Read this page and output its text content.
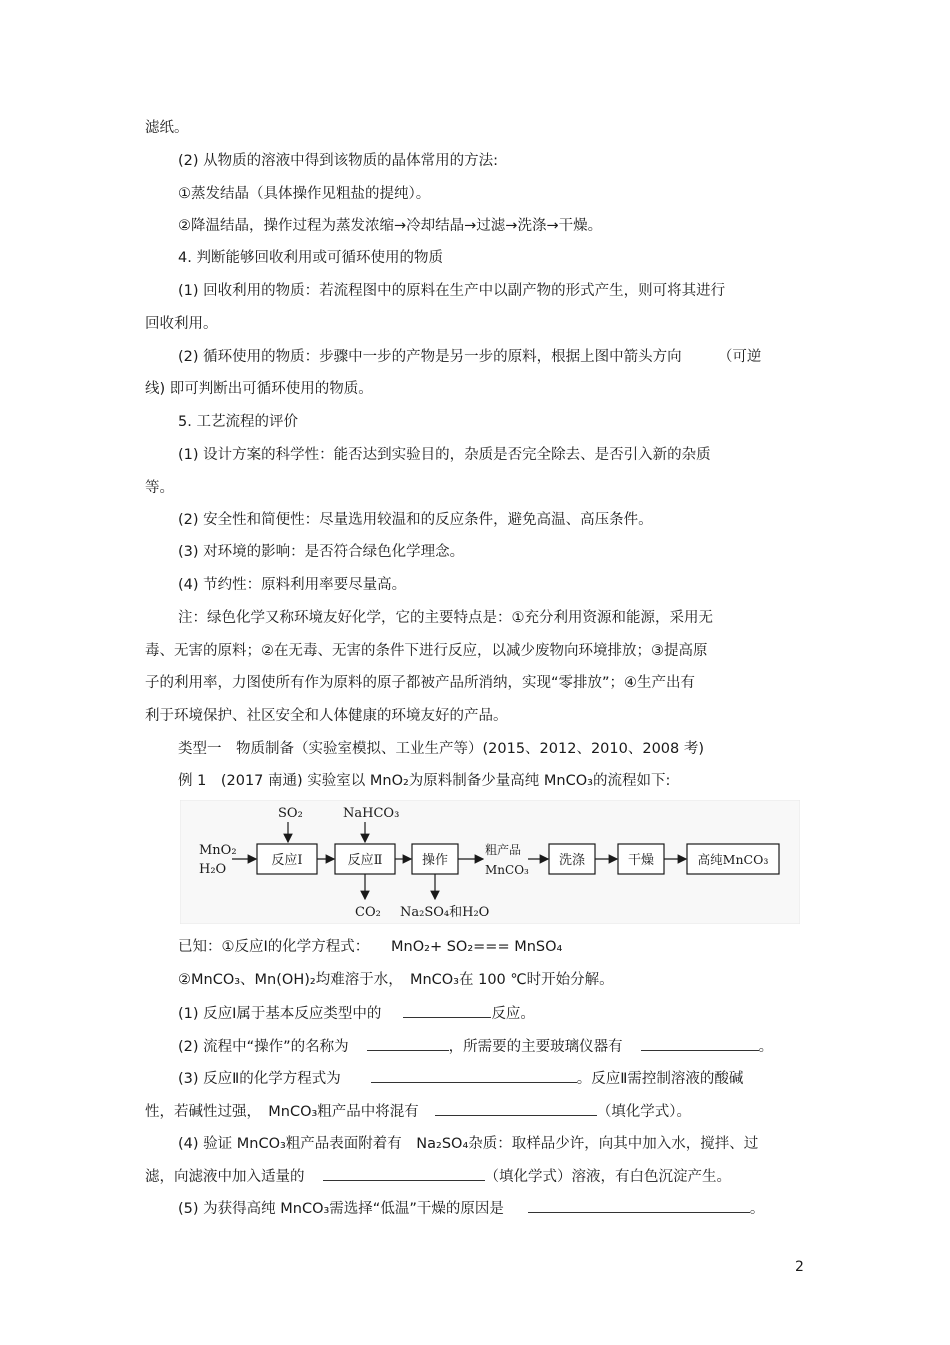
滤纸。
(2) 从物质的溶液中得到该物质的晶体常用的方法:
①蒸发结晶（具体操作见粗盐的提纯）。
②降温结晶，操作过程为蒸发浓缩→冷却结晶→过滤→洗涤→干燥。
4. 判断能够回收利用或可循环使用的物质
(1) 回收利用的物质：若流程图中的原料在生产中以副产物的形式产生，则可将其进行
回收利用。
(2) 循环使用的物质：步骤中一步的产物是另一步的原料，根据上图中箭头方向　　　（可逆
线) 即可判断出可循环使用的物质。
5. 工艺流程的评价
(1) 设计方案的科学性：能否达到实验目的，杂质是否完全除去、是否引入新的杂质
等。
(2) 安全性和简便性：尽量选用较温和的反应条件，避免高温、高压条件。
(3) 对环境的影响：是否符合绿色化学理念。
(4) 节约性：原料利用率要尽量高。
注：绿色化学又称环境友好化学，它的主要特点是：①充分利用资源和能源，采用无
毒、无害的原料；②在无毒、无害的条件下进行反应，以减少废物向环境排放；③提高原
子的利用率，力图使所有作为原料的原子都被产品所消纳，实现“零排放”；④生产出有
利于环境保护、社区安全和人体健康的环境友好的产品。
类型一　物质制备（实验室模拟、工业生产等）(2015、2012、2010、2008 考)
例 1　(2017 南通) 实验室以 MnO₂为原料制备少量高纯 MnCO₃的流程如下:
MnO₂
H₂O
SO₂
反应Ⅰ
NaHCO₃
反应Ⅱ
CO₂
操作
Na₂SO₄和H₂O
粗产品
MnCO₃
洗涤	干燥	高纯MnCO₃
已知：①反应Ⅰ的化学方程式：　　MnO₂+ SO₂=== MnSO₄
②MnCO₃、Mn(OH)₂均难溶于水，　MnCO₃在 100 ℃时开始分解。
(1) 反应Ⅰ属于基本反应类型中的	反应。
(2) 流程中“操作”的名称为	，所需要的主要玻璃仪器有	。
(3) 反应Ⅱ的化学方程式为	。反应Ⅱ需控制溶液的酸碱
性，若碱性过强，　MnCO₃粗产品中将混有	（填化学式）。
(4) 验证 MnCO₃粗产品表面附着有　Na₂SO₄杂质：取样品少许，向其中加入水，搅拌、过
滤，向滤液中加入适量的	（填化学式）溶液，有白色沉淀产生。
(5) 为获得高纯 MnCO₃需选择“低温”干燥的原因是	。
2
